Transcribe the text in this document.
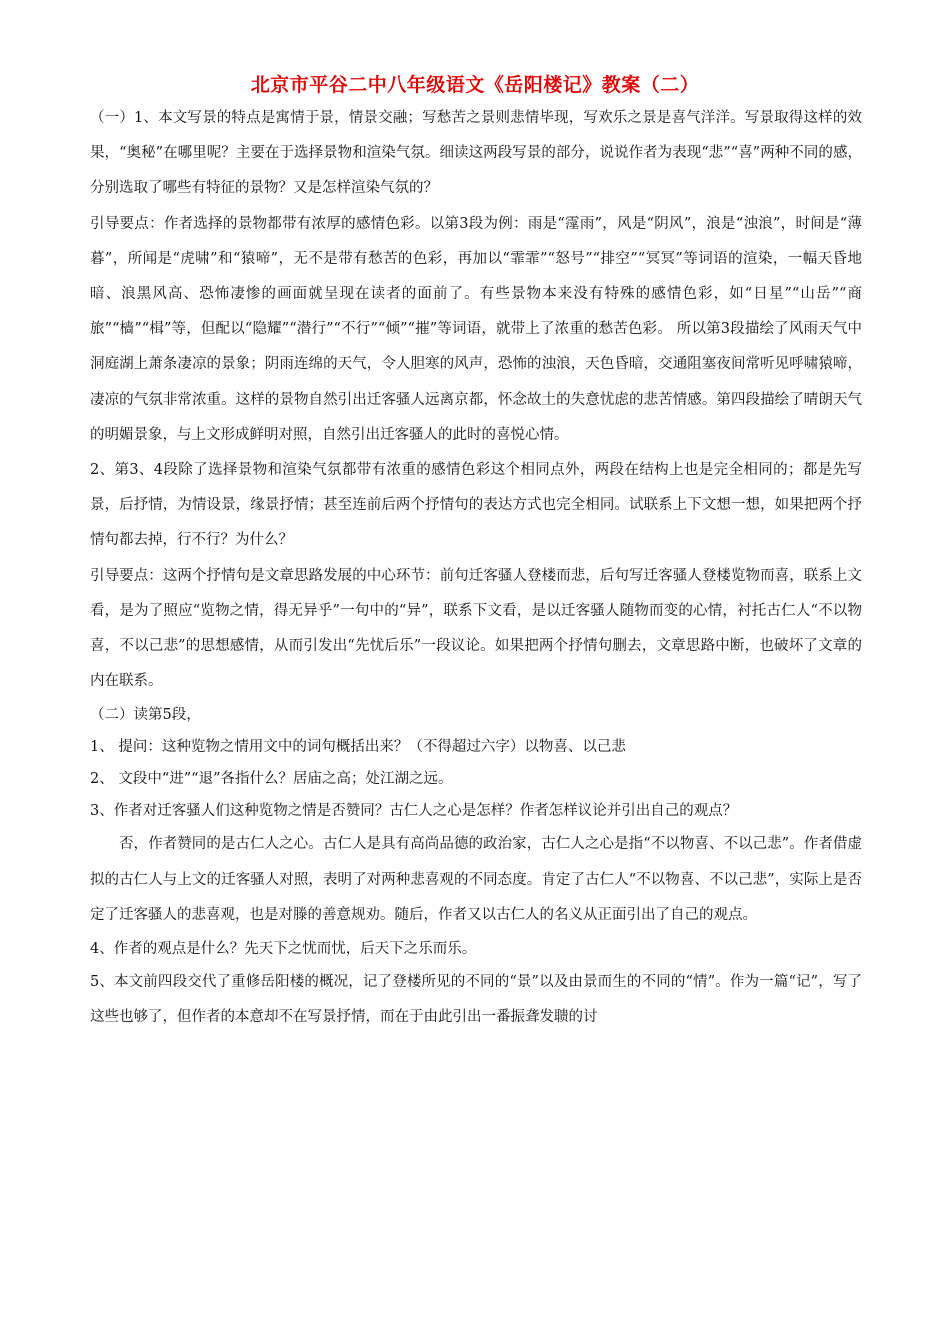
北京市平谷二中八年级语文《岳阳楼记》教案（二）

（一）1、本文写景的特点是寓情于景，情景交融；写愁苦之景则悲情毕现，写欢乐之景是喜气洋洋。写景取得这样的效果，“奥秘”在哪里呢？主要在于选择景物和渲染气氛。细读这两段写景的部分，说说作者为表现“悲”“喜”两种不同的感，分别选取了哪些有特征的景物？又是怎样渲染气氛的？

引导要点：作者选择的景物都带有浓厚的感情色彩。以第3段为例：雨是“霪雨”，风是“阴风”，浪是“浊浪”，时间是“薄暮”，所闻是“虎啸”和“猿啼”，无不是带有愁苦的色彩，再加以“霏霏”“怒号”“排空”“冥冥”等词语的渲染，一幅天昏地暗、浪黑风高、恐怖凄惨的画面就呈现在读者的面前了。有些景物本来没有特殊的感情色彩，如“日星”“山岳”“商旅”“樯”“楫”等，但配以“隐耀”“潜行”“不行”“倾”“摧”等词语，就带上了浓重的愁苦色彩。 所以第3段描绘了风雨天气中洞庭湖上萧条凄凉的景象；阴雨连绵的天气，令人胆寒的风声，恐怖的浊浪，天色昏暗，交通阻塞夜间常听见呼啸猿啼，凄凉的气氛非常浓重。这样的景物自然引出迁客骚人远离京都，怀念故土的失意忧虑的悲苦情感。第四段描绘了晴朗天气的明媚景象，与上文形成鲜明对照，自然引出迁客骚人的此时的喜悦心情。

2、第3、4段除了选择景物和渲染气氛都带有浓重的感情色彩这个相同点外，两段在结构上也是完全相同的；都是先写景，后抒情，为情设景，缘景抒情；甚至连前后两个抒情句的表达方式也完全相同。试联系上下文想一想，如果把两个抒情句都去掉，行不行？为什么？

引导要点：这两个抒情句是文章思路发展的中心环节：前句迁客骚人登楼而悲，后句写迁客骚人登楼览物而喜，联系上文看，是为了照应“览物之情，得无异乎”一句中的“异”，联系下文看，是以迁客骚人随物而变的心情，衬托古仁人“不以物喜，不以己悲”的思想感情，从而引发出“先忧后乐”一段议论。如果把两个抒情句删去，文章思路中断，也破坏了文章的内在联系。

（二）读第5段，

1、 提问：这种览物之情用文中的词句概括出来？（不得超过六字）以物喜、以己悲

2、 文段中“进”“退”各指什么？居庙之高；处江湖之远。

3、作者对迁客骚人们这种览物之情是否赞同？古仁人之心是怎样？作者怎样议论并引出自己的观点？

否，作者赞同的是古仁人之心。古仁人是具有高尚品德的政治家，古仁人之心是指“不以物喜、不以己悲”。作者借虚拟的古仁人与上文的迁客骚人对照，表明了对两种悲喜观的不同态度。肯定了古仁人“不以物喜、不以己悲”，实际上是否定了迁客骚人的悲喜观，也是对滕的善意规劝。随后，作者又以古仁人的名义从正面引出了自己的观点。

4、作者的观点是什么？先天下之忧而忧，后天下之乐而乐。

5、本文前四段交代了重修岳阳楼的概况，记了登楼所见的不同的“景”以及由景而生的不同的“情”。作为一篇“记”，写了这些也够了，但作者的本意却不在写景抒情，而在于由此引出一番振聋发聩的讨
